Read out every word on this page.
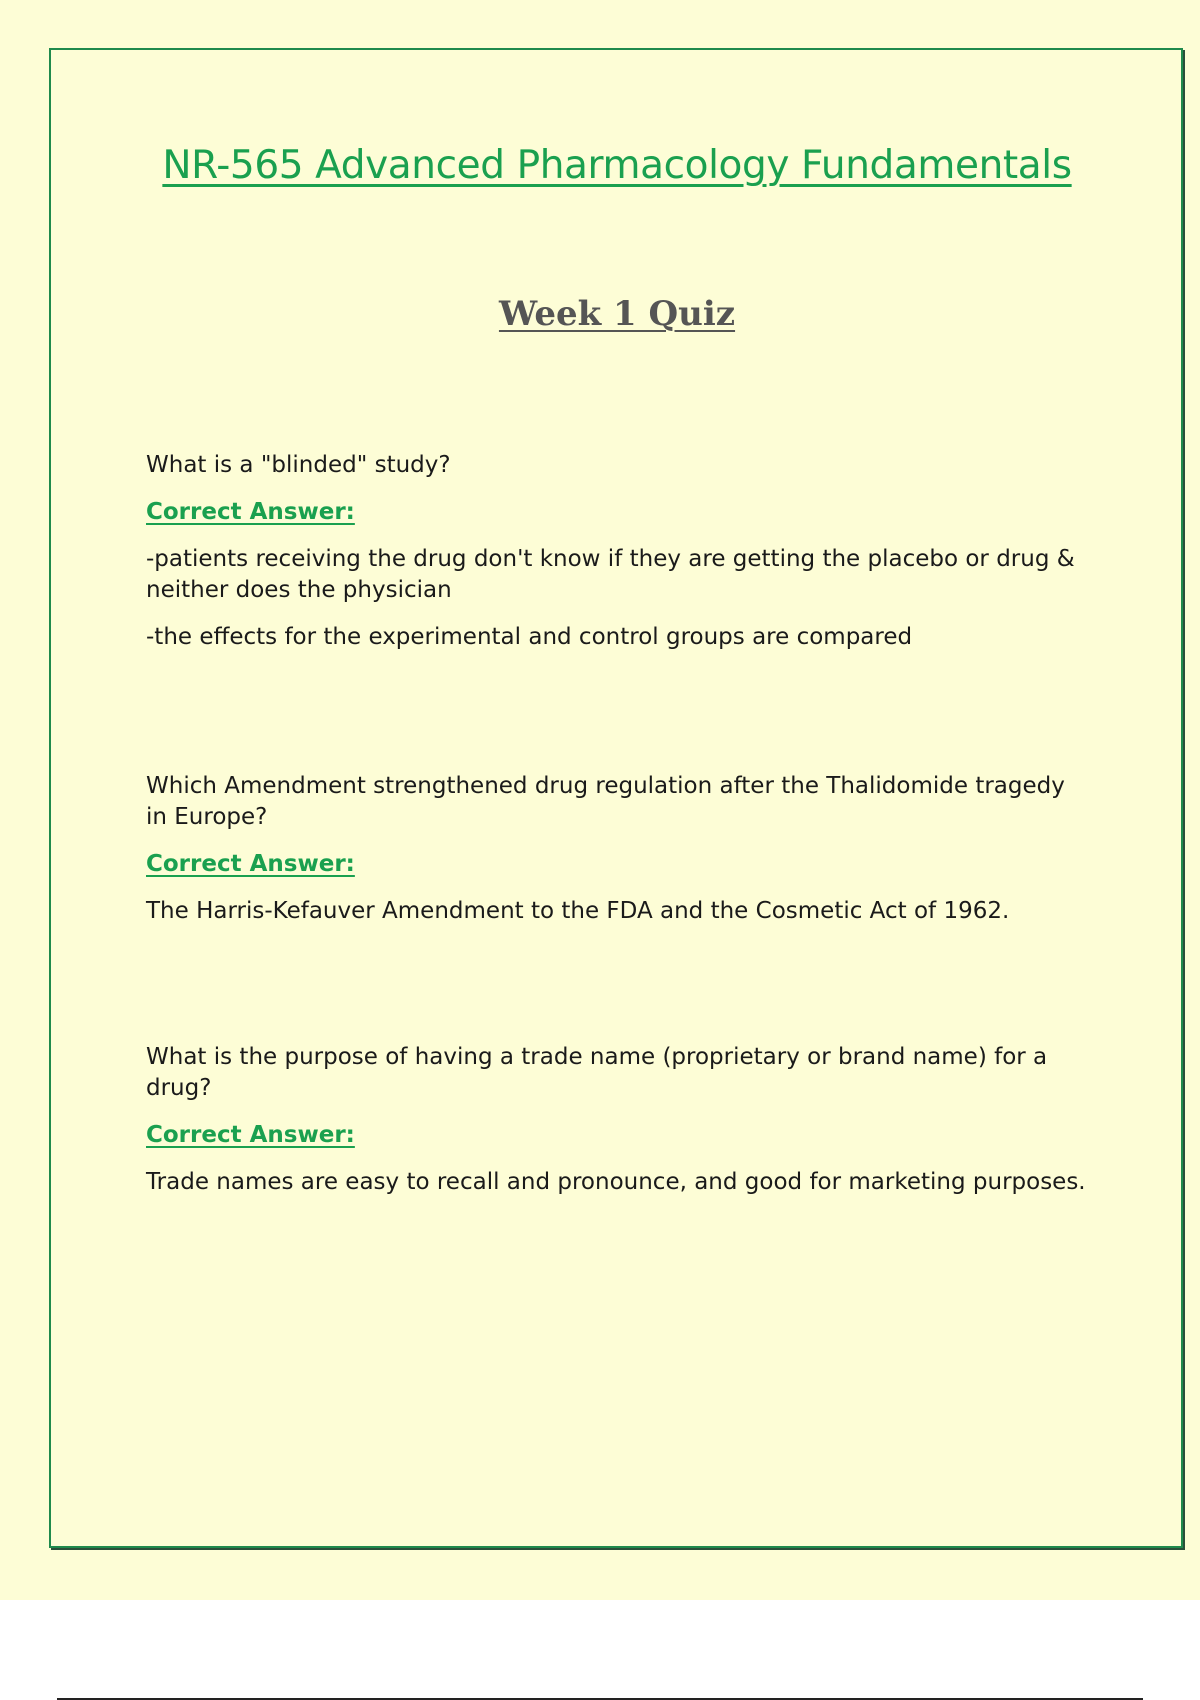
NR-565 Advanced Pharmacology Fundamentals
Week 1 Quiz

What is a "blinded" study?

Correct Answer:

-patients receiving the drug don't know if they are getting the placebo or drug & neither does the physician

-the effects for the experimental and control groups are compared

Which Amendment strengthened drug regulation after the Thalidomide tragedy in Europe?

Correct Answer:

The Harris-Kefauver Amendment to the FDA and the Cosmetic Act of 1962.

What is the purpose of having a trade name (proprietary or brand name) for a drug?

Correct Answer:

Trade names are easy to recall and pronounce, and good for marketing purposes.
